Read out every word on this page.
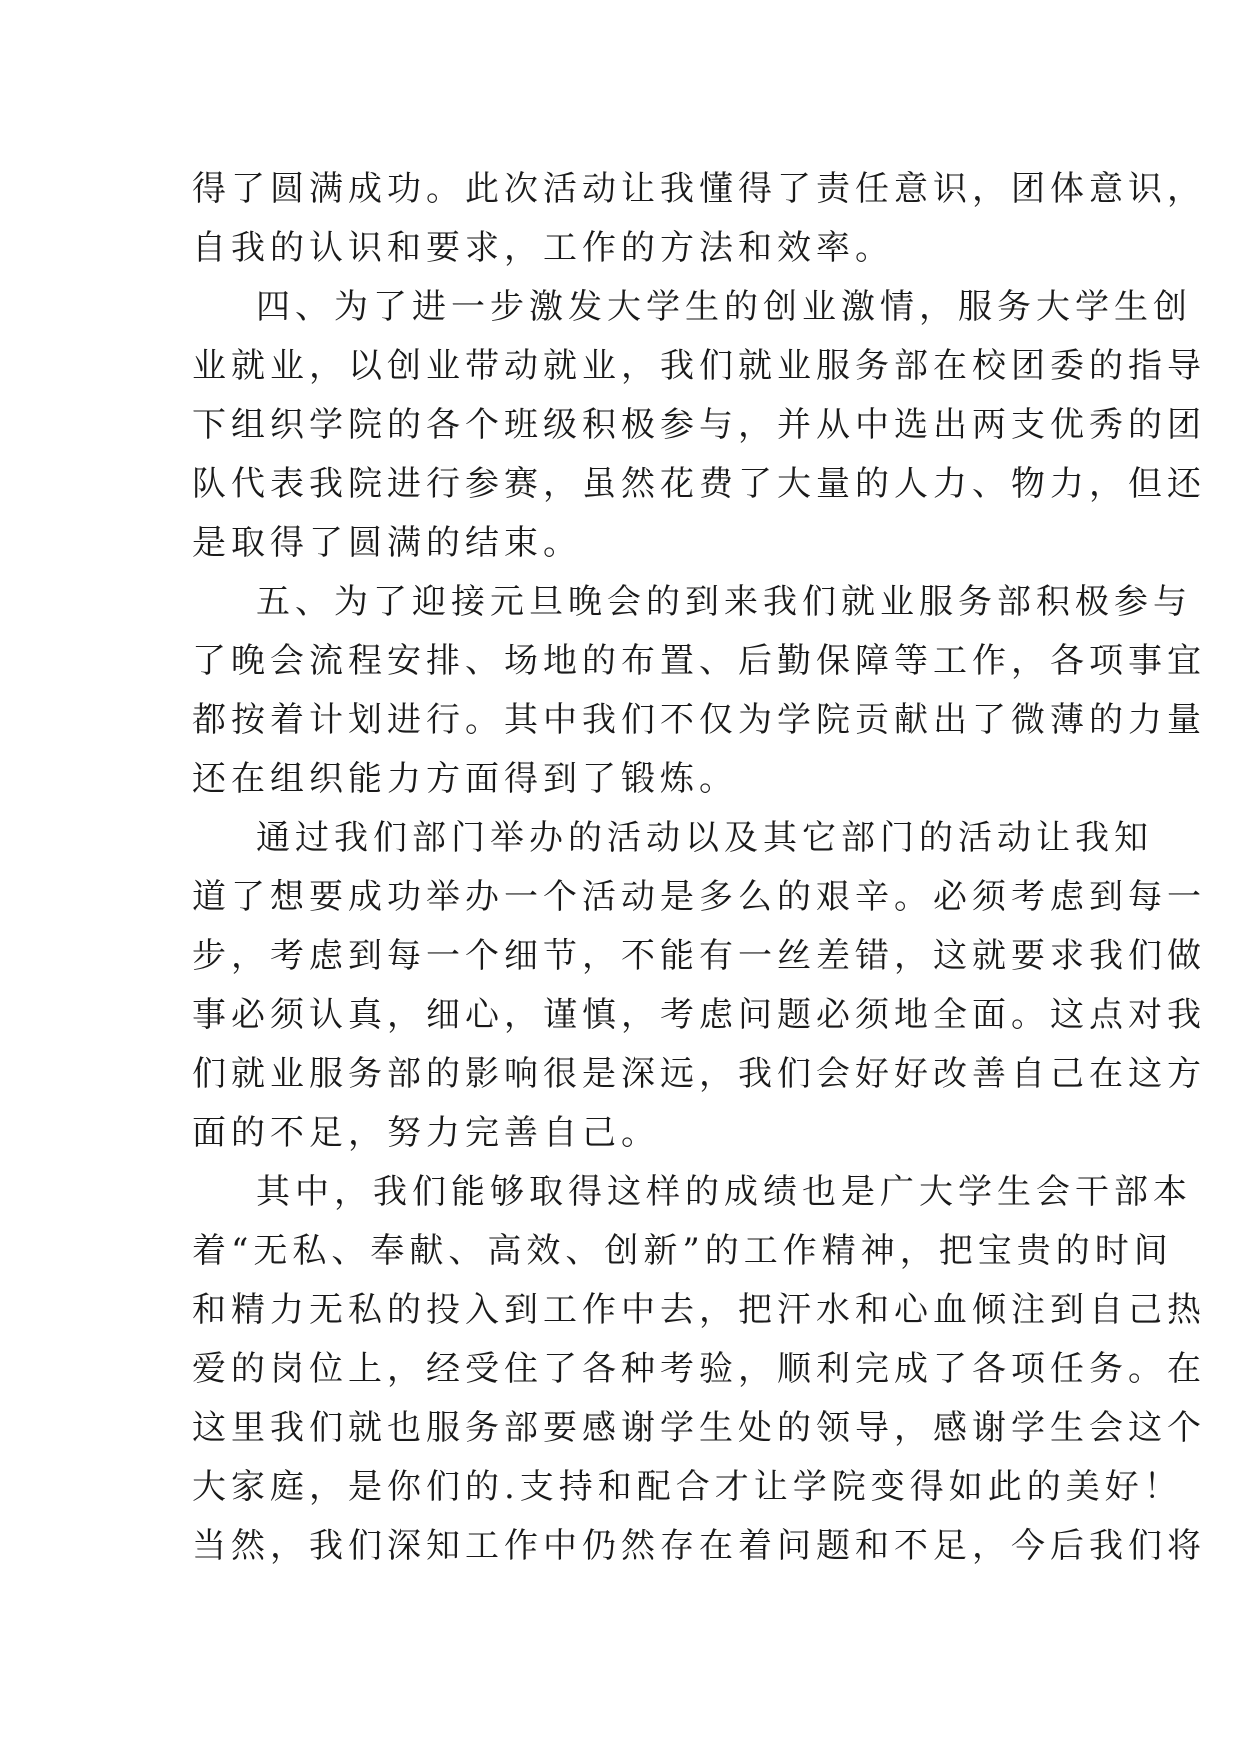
得了圆满成功。此次活动让我懂得了责任意识，团体意识，
自我的认识和要求，工作的方法和效率。
四、为了进一步激发大学生的创业激情，服务大学生创
业就业，以创业带动就业，我们就业服务部在校团委的指导
下组织学院的各个班级积极参与，并从中选出两支优秀的团
队代表我院进行参赛，虽然花费了大量的人力、物力，但还
是取得了圆满的结束。
五、为了迎接元旦晚会的到来我们就业服务部积极参与
了晚会流程安排、场地的布置、后勤保障等工作，各项事宜
都按着计划进行。其中我们不仅为学院贡献出了微薄的力量
还在组织能力方面得到了锻炼。
通过我们部门举办的活动以及其它部门的活动让我知
道了想要成功举办一个活动是多么的艰辛。必须考虑到每一
步，考虑到每一个细节，不能有一丝差错，这就要求我们做
事必须认真，细心，谨慎，考虑问题必须地全面。这点对我
们就业服务部的影响很是深远，我们会好好改善自己在这方
面的不足，努力完善自己。
其中，我们能够取得这样的成绩也是广大学生会干部本
着“无私、奉献、高效、创新”的工作精神，把宝贵的时间
和精力无私的投入到工作中去，把汗水和心血倾注到自己热
爱的岗位上，经受住了各种考验，顺利完成了各项任务。在
这里我们就也服务部要感谢学生处的领导，感谢学生会这个
大家庭，是你们的.支持和配合才让学院变得如此的美好！
当然，我们深知工作中仍然存在着问题和不足，今后我们将
